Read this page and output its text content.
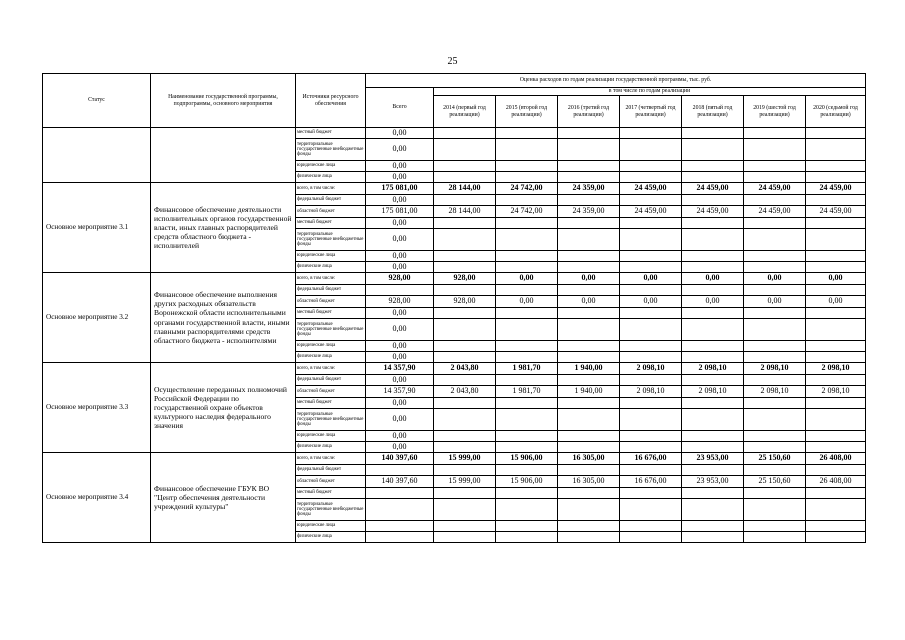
25
Статус	Наименование государственной программы, подпрограммы, основного мероприятия	Источники ресурсного обеспечения	Оценка расходов по годам реализации государственной программы, тыс. руб.							
			Всего	в том числе по годам реализации						
				2014 (первый год реализации)	2015 (второй год реализации)	2016 (третий год реализации)	2017 (четвертый год реализации)	2018 (пятый год реализации)	2019 (шестой год реализации)	2020 (седьмой год реализации)
		местный бюджет	0,00							
		территориальные государственные внебюджетные фонды	0,00							
		юридические лица	0,00							
		физические лица	0,00							
Основное мероприятие 3.1	Финансовое обеспечение деятельности исполнительных органов государственной власти, иных главных распорядителей средств областного бюджета - исполнителей	всего, в том числе:	175 081,00	28 144,00	24 742,00	24 359,00	24 459,00	24 459,00	24 459,00	24 459,00
		федеральный бюджет	0,00							
		областной бюджет	175 081,00	28 144,00	24 742,00	24 359,00	24 459,00	24 459,00	24 459,00	24 459,00
		местный бюджет	0,00							
		территориальные государственные внебюджетные фонды	0,00							
		юридические лица	0,00							
		физические лица	0,00							
Основное мероприятие 3.2	Финансовое обеспечение выполнения других расходных обязательств Воронежской области исполнительными органами государственной власти, иными главными распорядителями средств областного бюджета - исполнителями	всего, в том числе:	928,00	928,00	0,00	0,00	0,00	0,00	0,00	0,00
		федеральный бюджет								
		областной бюджет	928,00	928,00	0,00	0,00	0,00	0,00	0,00	0,00
		местный бюджет	0,00							
		территориальные государственные внебюджетные фонды	0,00							
		юридические лица	0,00							
		физические лица	0,00							
Основное мероприятие 3.3	Осуществление переданных полномочий Российской Федерации по государственной охране объектов культурного наследия федерального значения	всего, в том числе:	14 357,90	2 043,80	1 981,70	1 940,00	2 098,10	2 098,10	2 098,10	2 098,10
		федеральный бюджет	0,00							
		областной бюджет	14 357,90	2 043,80	1 981,70	1 940,00	2 098,10	2 098,10	2 098,10	2 098,10
		местный бюджет	0,00							
		территориальные государственные внебюджетные фонды	0,00							
		юридические лица	0,00							
		физические лица	0,00							
Основное мероприятие 3.4	Финансовое обеспечение ГБУК ВО "Центр обеспечения деятельности учреждений культуры"	всего, в том числе:	140 397,60	15 999,00	15 906,00	16 305,00	16 676,00	23 953,00	25 150,60	26 408,00
		федеральный бюджет								
		областной бюджет	140 397,60	15 999,00	15 906,00	16 305,00	16 676,00	23 953,00	25 150,60	26 408,00
		местный бюджет								
		территориальные государственные внебюджетные фонды								
		юридические лица								
		физические лица								
